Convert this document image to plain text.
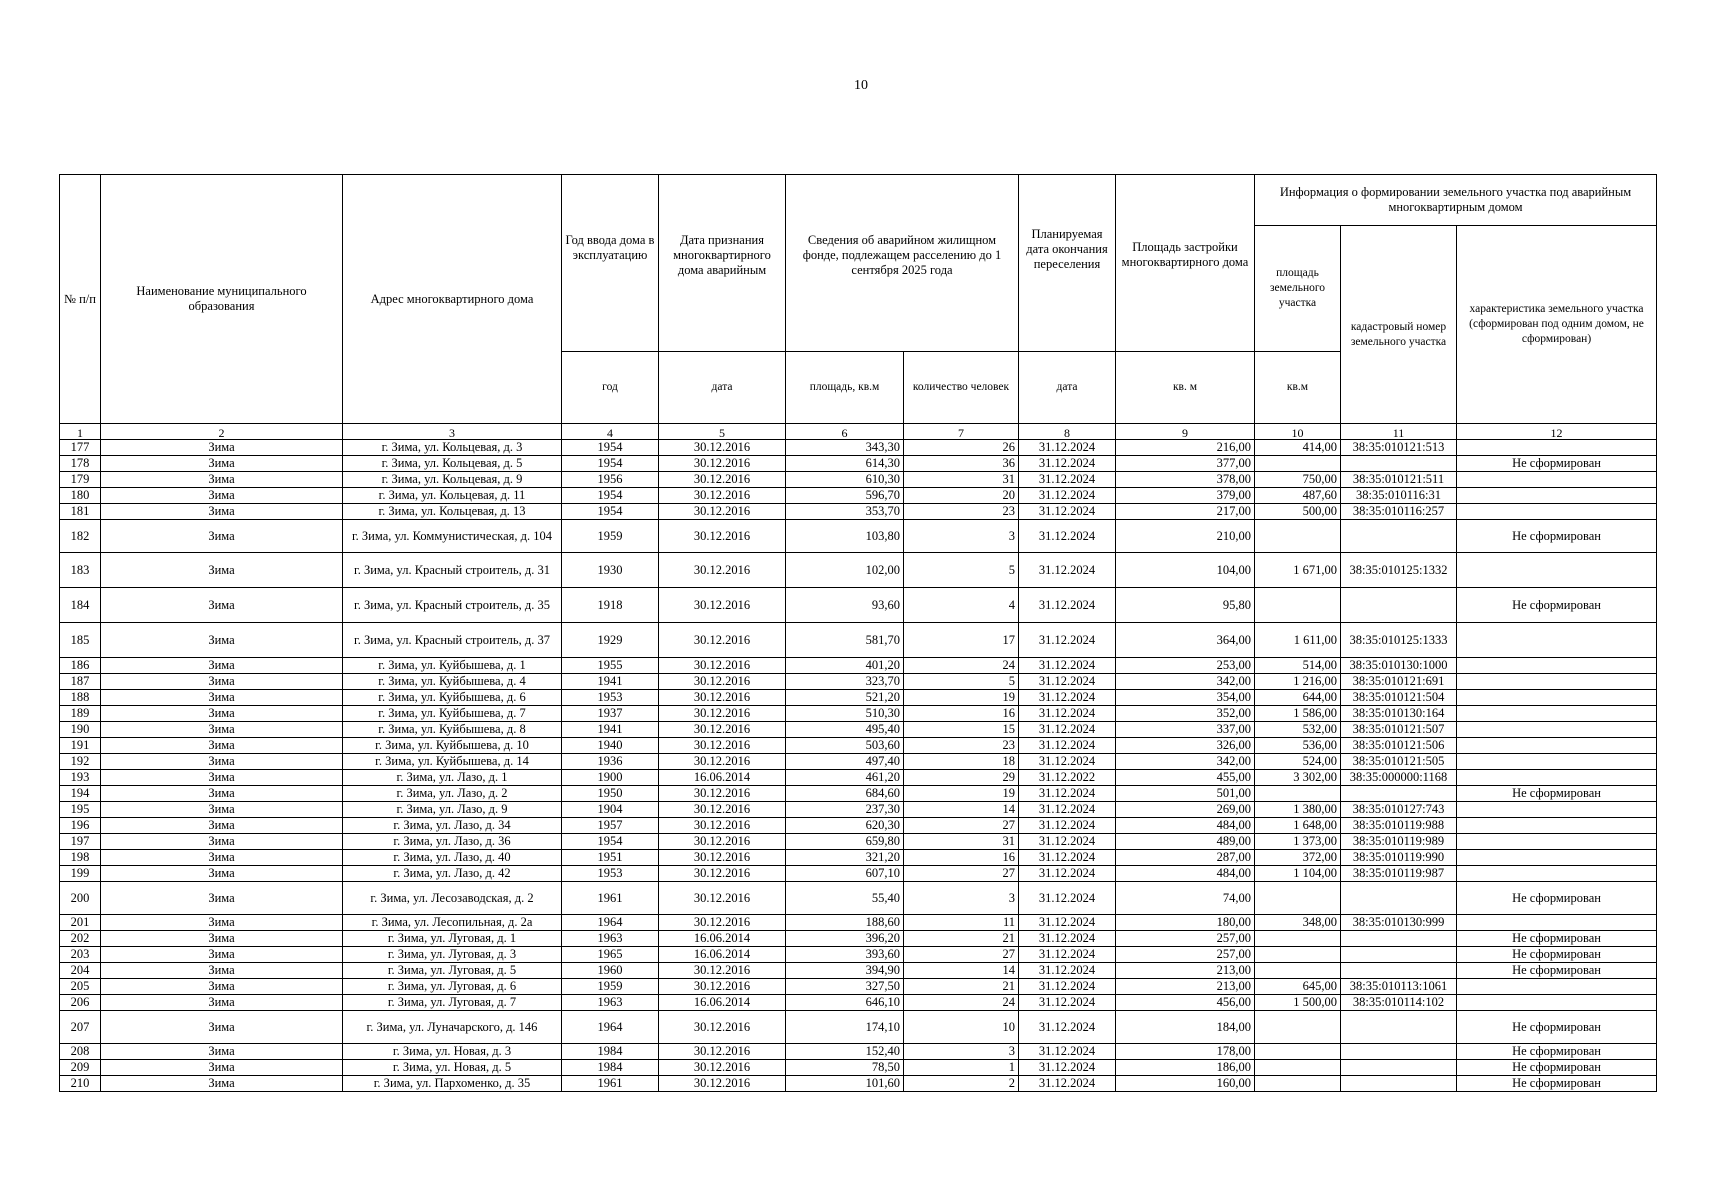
10
№ п/п	Наименование муниципального образования	Адрес многоквартирного дома	Год ввода дома в эксплуатацию	Дата признания многоквартирного дома аварийным	Сведения об аварийном жилищном фонде, подлежащем расселению до 1 сентября 2025 года		Планируемая дата окончания переселения	Площадь застройки многоквартирного дома	Информация о формировании земельного участка под аварийным многоквартирным домом		
									площадь земельного участка	кадастровый номер земельного участка	характеристика земельного участка (сформирован под одним домом, не сформирован)
			год	дата	площадь, кв.м	количество человек	дата	кв. м	кв.м		
1	2	3	4	5	6	7	8	9	10	11	12
177	Зима	г. Зима, ул. Кольцевая, д. 3	1954	30.12.2016	343,30	26	31.12.2024	216,00	414,00	38:35:010121:513	
178	Зима	г. Зима, ул. Кольцевая, д. 5	1954	30.12.2016	614,30	36	31.12.2024	377,00			Не сформирован
179	Зима	г. Зима, ул. Кольцевая, д. 9	1956	30.12.2016	610,30	31	31.12.2024	378,00	750,00	38:35:010121:511	
180	Зима	г. Зима, ул. Кольцевая, д. 11	1954	30.12.2016	596,70	20	31.12.2024	379,00	487,60	38:35:010116:31	
181	Зима	г. Зима, ул. Кольцевая, д. 13	1954	30.12.2016	353,70	23	31.12.2024	217,00	500,00	38:35:010116:257	
182	Зима	г. Зима, ул. Коммунистическая, д. 104	1959	30.12.2016	103,80	3	31.12.2024	210,00			Не сформирован
183	Зима	г. Зима, ул. Красный строитель, д. 31	1930	30.12.2016	102,00	5	31.12.2024	104,00	1 671,00	38:35:010125:1332	
184	Зима	г. Зима, ул. Красный строитель, д. 35	1918	30.12.2016	93,60	4	31.12.2024	95,80			Не сформирован
185	Зима	г. Зима, ул. Красный строитель, д. 37	1929	30.12.2016	581,70	17	31.12.2024	364,00	1 611,00	38:35:010125:1333	
186	Зима	г. Зима, ул. Куйбышева, д. 1	1955	30.12.2016	401,20	24	31.12.2024	253,00	514,00	38:35:010130:1000	
187	Зима	г. Зима, ул. Куйбышева, д. 4	1941	30.12.2016	323,70	5	31.12.2024	342,00	1 216,00	38:35:010121:691	
188	Зима	г. Зима, ул. Куйбышева, д. 6	1953	30.12.2016	521,20	19	31.12.2024	354,00	644,00	38:35:010121:504	
189	Зима	г. Зима, ул. Куйбышева, д. 7	1937	30.12.2016	510,30	16	31.12.2024	352,00	1 586,00	38:35:010130:164	
190	Зима	г. Зима, ул. Куйбышева, д. 8	1941	30.12.2016	495,40	15	31.12.2024	337,00	532,00	38:35:010121:507	
191	Зима	г. Зима, ул. Куйбышева, д. 10	1940	30.12.2016	503,60	23	31.12.2024	326,00	536,00	38:35:010121:506	
192	Зима	г. Зима, ул. Куйбышева, д. 14	1936	30.12.2016	497,40	18	31.12.2024	342,00	524,00	38:35:010121:505	
193	Зима	г. Зима, ул. Лазо, д. 1	1900	16.06.2014	461,20	29	31.12.2022	455,00	3 302,00	38:35:000000:1168	
194	Зима	г. Зима, ул. Лазо, д. 2	1950	30.12.2016	684,60	19	31.12.2024	501,00			Не сформирован
195	Зима	г. Зима, ул. Лазо, д. 9	1904	30.12.2016	237,30	14	31.12.2024	269,00	1 380,00	38:35:010127:743	
196	Зима	г. Зима, ул. Лазо, д. 34	1957	30.12.2016	620,30	27	31.12.2024	484,00	1 648,00	38:35:010119:988	
197	Зима	г. Зима, ул. Лазо, д. 36	1954	30.12.2016	659,80	31	31.12.2024	489,00	1 373,00	38:35:010119:989	
198	Зима	г. Зима, ул. Лазо, д. 40	1951	30.12.2016	321,20	16	31.12.2024	287,00	372,00	38:35:010119:990	
199	Зима	г. Зима, ул. Лазо, д. 42	1953	30.12.2016	607,10	27	31.12.2024	484,00	1 104,00	38:35:010119:987	
200	Зима	г. Зима, ул. Лесозаводская, д. 2	1961	30.12.2016	55,40	3	31.12.2024	74,00			Не сформирован
201	Зима	г. Зима, ул. Лесопильная, д. 2а	1964	30.12.2016	188,60	11	31.12.2024	180,00	348,00	38:35:010130:999	
202	Зима	г. Зима, ул. Луговая, д. 1	1963	16.06.2014	396,20	21	31.12.2024	257,00			Не сформирован
203	Зима	г. Зима, ул. Луговая, д. 3	1965	16.06.2014	393,60	27	31.12.2024	257,00			Не сформирован
204	Зима	г. Зима, ул. Луговая, д. 5	1960	30.12.2016	394,90	14	31.12.2024	213,00			Не сформирован
205	Зима	г. Зима, ул. Луговая, д. 6	1959	30.12.2016	327,50	21	31.12.2024	213,00	645,00	38:35:010113:1061	
206	Зима	г. Зима, ул. Луговая, д. 7	1963	16.06.2014	646,10	24	31.12.2024	456,00	1 500,00	38:35:010114:102	
207	Зима	г. Зима, ул. Луначарского, д. 146	1964	30.12.2016	174,10	10	31.12.2024	184,00			Не сформирован
208	Зима	г. Зима, ул. Новая, д. 3	1984	30.12.2016	152,40	3	31.12.2024	178,00			Не сформирован
209	Зима	г. Зима, ул. Новая, д. 5	1984	30.12.2016	78,50	1	31.12.2024	186,00			Не сформирован
210	Зима	г. Зима, ул. Пархоменко, д. 35	1961	30.12.2016	101,60	2	31.12.2024	160,00			Не сформирован
